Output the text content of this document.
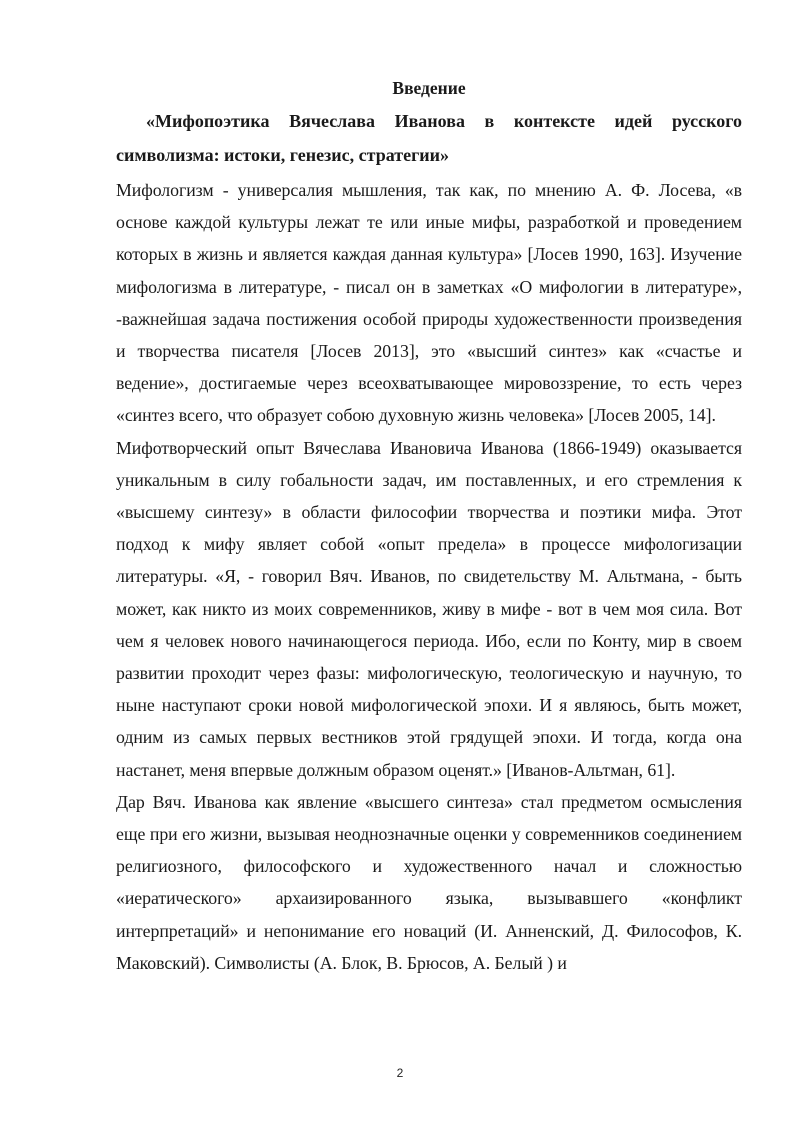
Введение

«Мифопоэтика Вячеслава Иванова в контексте идей русского символизма: истоки, генезис, стратегии»

Мифологизм - универсалия мышления, так как, по мнению А. Ф. Лосева, «в основе каждой культуры лежат те или иные мифы, разработкой и проведением которых в жизнь и является каждая данная культура» [Лосев 1990, 163]. Изучение мифологизма в литературе, - писал он в заметках «О мифологии в литературе», -важнейшая задача постижения особой природы художественности произведения и творчества писателя [Лосев 2013], это «высший синтез» как «счастье и ведение», достигаемые через всеохватывающее мировоззрение, то есть через «синтез всего, что образует собою духовную жизнь человека» [Лосев 2005, 14].

Мифотворческий опыт Вячеслава Ивановича Иванова (1866-1949) оказывается уникальным в силу гобальности задач, им поставленных, и его стремления к «высшему синтезу» в области философии творчества и поэтики мифа. Этот подход к мифу являет собой «опыт предела» в процессе мифологизации литературы. «Я, - говорил Вяч. Иванов, по свидетельству М. Альтмана, - быть может, как никто из моих современников, живу в мифе - вот в чем моя сила. Вот чем я человек нового начинающегося периода. Ибо, если по Конту, мир в своем развитии проходит через фазы: мифологическую, теологическую и научную, то ныне наступают сроки новой мифологической эпохи. И я являюсь, быть может, одним из самых первых вестников этой грядущей эпохи. И тогда, когда она настанет, меня впервые должным образом оценят.» [Иванов-Альтман, 61].

Дар Вяч. Иванова как явление «высшего синтеза» стал предметом осмысления еще при его жизни, вызывая неоднозначные оценки у современников соединением религиозного, философского и художественного начал и сложностью «иератического» архаизированного языка, вызывавшего «конфликт интерпретаций» и непонимание его новаций (И. Анненский, Д. Философов, К. Маковский). Символисты (А. Блок, В. Брюсов, А. Белый ) и

2
